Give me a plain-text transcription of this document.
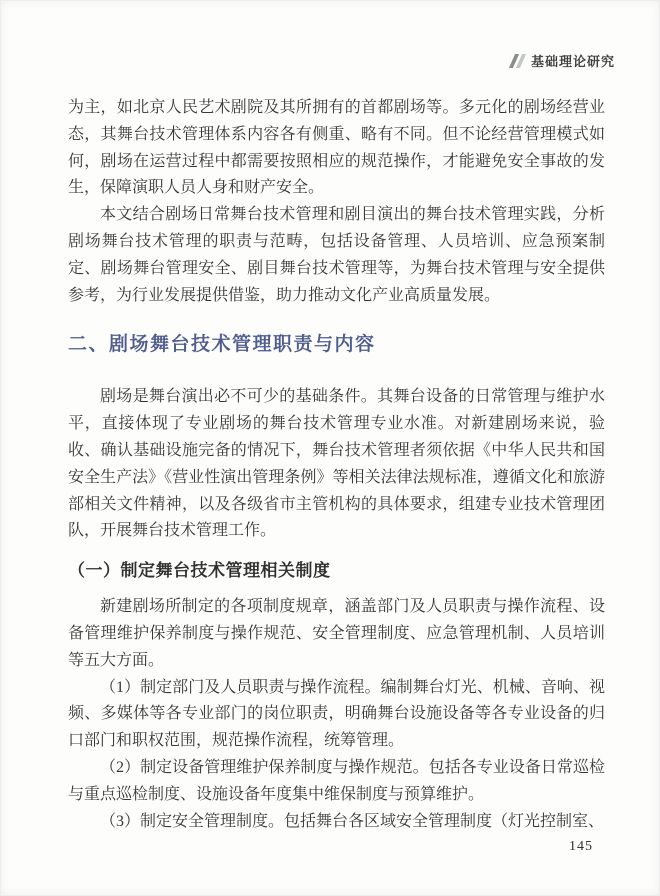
基础理论研究

为主，如北京人民艺术剧院及其所拥有的首都剧场等。多元化的剧场经营业态，其舞台技术管理体系内容各有侧重、略有不同。但不论经营管理模式如何，剧场在运营过程中都需要按照相应的规范操作，才能避免安全事故的发生，保障演职人员人身和财产安全。

本文结合剧场日常舞台技术管理和剧目演出的舞台技术管理实践，分析剧场舞台技术管理的职责与范畴，包括设备管理、人员培训、应急预案制定、剧场舞台管理安全、剧目舞台技术管理等，为舞台技术管理与安全提供参考，为行业发展提供借鉴，助力推动文化产业高质量发展。

二、剧场舞台技术管理职责与内容

剧场是舞台演出必不可少的基础条件。其舞台设备的日常管理与维护水平，直接体现了专业剧场的舞台技术管理专业水准。对新建剧场来说，验收、确认基础设施完备的情况下，舞台技术管理者须依据《中华人民共和国安全生产法》《营业性演出管理条例》等相关法律法规标准，遵循文化和旅游部相关文件精神，以及各级省市主管机构的具体要求，组建专业技术管理团队，开展舞台技术管理工作。

（一）制定舞台技术管理相关制度

新建剧场所制定的各项制度规章，涵盖部门及人员职责与操作流程、设备管理维护保养制度与操作规范、安全管理制度、应急管理机制、人员培训等五大方面。

（1）制定部门及人员职责与操作流程。编制舞台灯光、机械、音响、视频、多媒体等各专业部门的岗位职责，明确舞台设施设备等各专业设备的归口部门和职权范围，规范操作流程，统筹管理。

（2）制定设备管理维护保养制度与操作规范。包括各专业设备日常巡检与重点巡检制度、设施设备年度集中维保制度与预算维护。

（3）制定安全管理制度。包括舞台各区域安全管理制度（灯光控制室、

145
